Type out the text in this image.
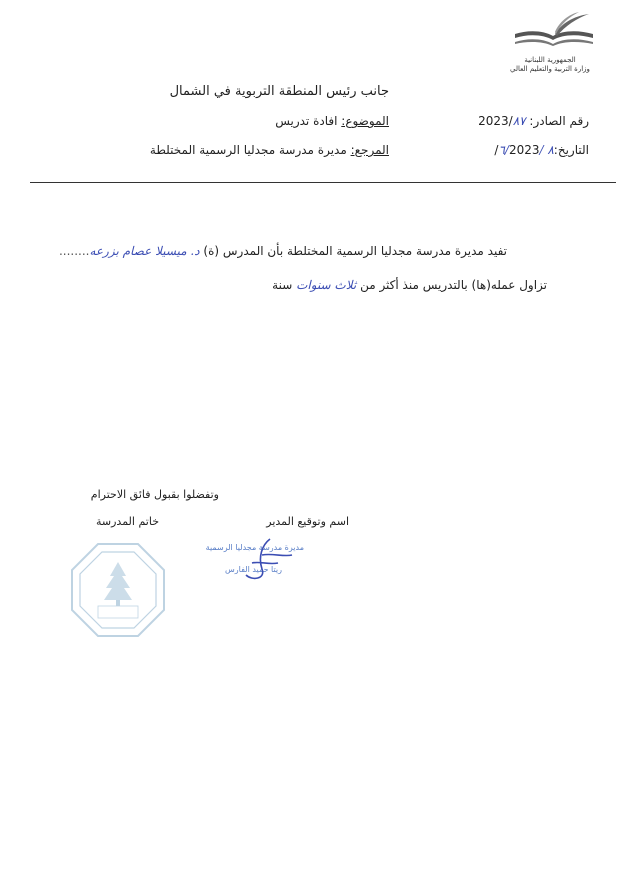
الجمهورية اللبنانية
وزارة التربية والتعليم العالي
جانب رئيس المنطقة التربوية في الشمال
رقم الصادر: 2023/٨٧
الموضوع: افادة تدريس
التاريخ:٨ /٦/2023/
المرجع: مديرة مدرسة مجدليا الرسمية المختلطة
تفيد مديرة مدرسة مجدليا الرسمية المختلطة بأن المدرس (ة) د. ميسيلا عصام بزرعه........
تزاول عمله(ها) بالتدريس منذ أكثر من ثلاث سنوات سنة
وتفضلوا بقبول فائق الاحترام
اسم وتوقيع المدير
خاتم المدرسة
مديرة مدرسة مجدليا الرسمية
ريتا حميد الفارس
